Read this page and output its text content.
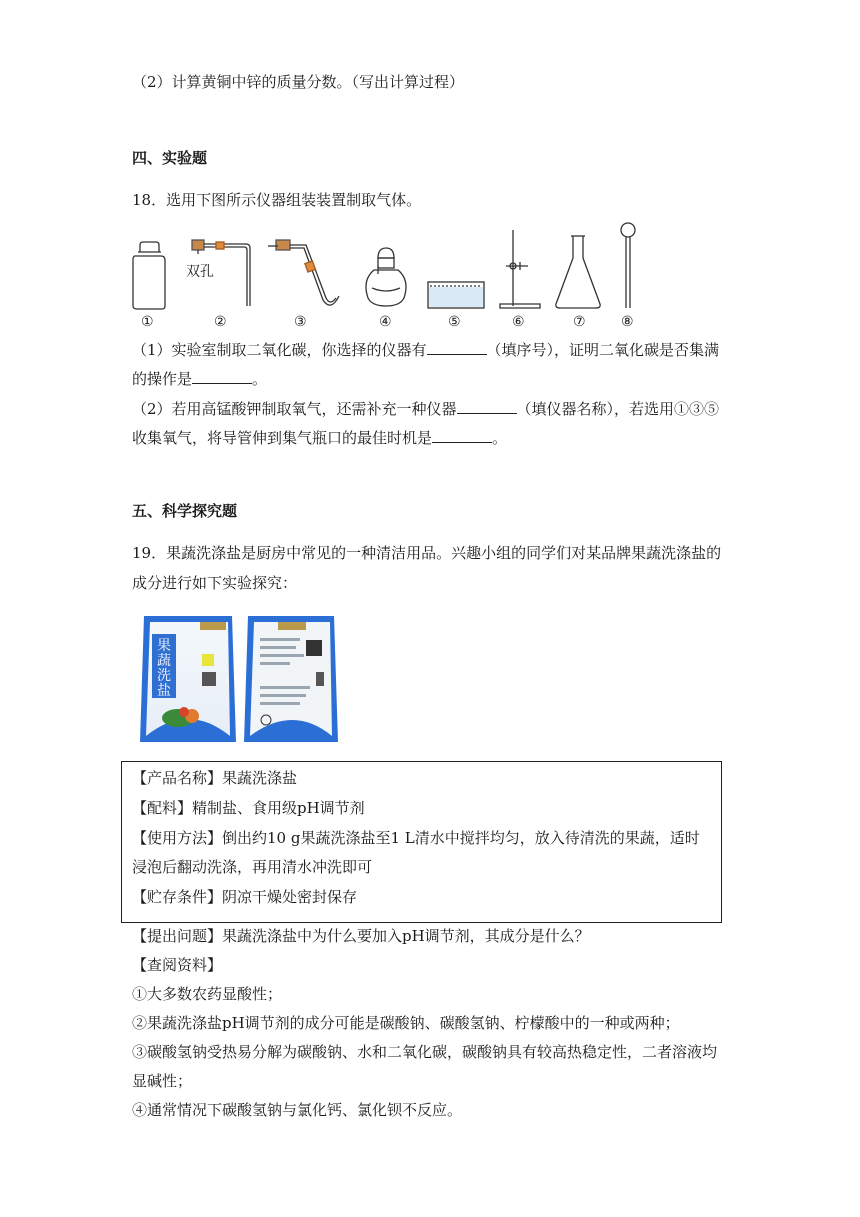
（2）计算黄铜中锌的质量分数。（写出计算过程）
四、实验题
18．选用下图所示仪器组装装置制取气体。
双孔
①	②	③	④	⑤	⑥	⑦	⑧
（1）实验室制取二氧化碳，你选择的仪器有	（填序号），证明二氧化碳是否集满
的操作是	。
（2）若用高锰酸钾制取氧气，还需补充一种仪器	（填仪器名称），若选用①③⑤
收集氧气，将导管伸到集气瓶口的最佳时机是	。
五、科学探究题
19．果蔬洗涤盐是厨房中常见的一种清洁用品。兴趣小组的同学们对某品牌果蔬洗涤盐的
成分进行如下实验探究：
果
蔬
洗
盐
【产品名称】果蔬洗涤盐
【配料】精制盐、食用级pH调节剂
【使用方法】倒出约10 g果蔬洗涤盐至1 L清水中搅拌均匀，放入待清洗的果蔬，适时
浸泡后翻动洗涤，再用清水冲洗即可
【贮存条件】阴凉干燥处密封保存
【提出问题】果蔬洗涤盐中为什么要加入pH调节剂，其成分是什么？
【查阅资料】
①大多数农药显酸性；
②果蔬洗涤盐pH调节剂的成分可能是碳酸钠、碳酸氢钠、柠檬酸中的一种或两种；
③碳酸氢钠受热易分解为碳酸钠、水和二氧化碳，碳酸钠具有较高热稳定性，二者溶液均
显碱性；
④通常情况下碳酸氢钠与氯化钙、氯化钡不反应。
